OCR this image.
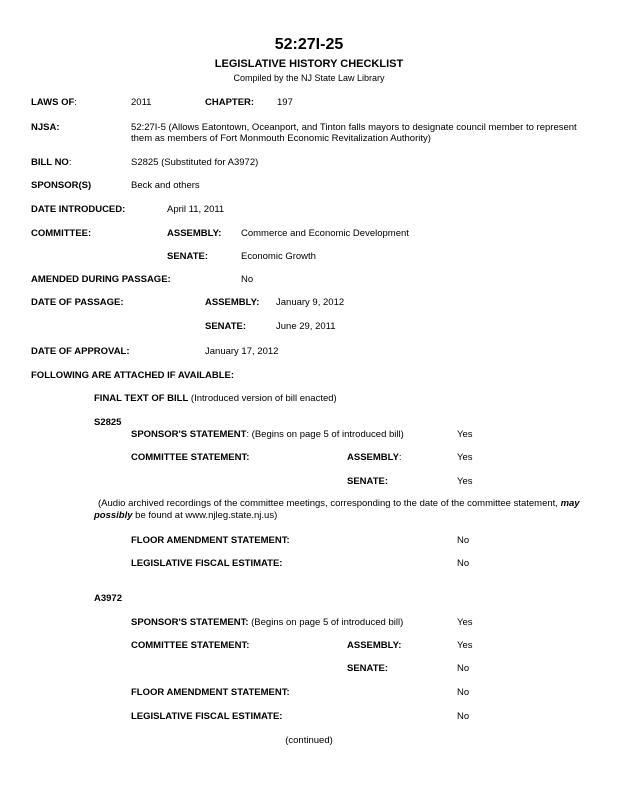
52:27I-25
LEGISLATIVE HISTORY CHECKLIST
Compiled by the NJ State Law Library
LAWS OF:	2011	CHAPTER: 197
NJSA:	52:27I-5 (Allows Eatontown, Oceanport, and Tinton falls mayors to designate council member to represent
them as members of Fort Monmouth Economic Revitalization Authority)
BILL NO:	S2825 (Substituted for A3972)
SPONSOR(S)	Beck and others
DATE INTRODUCED:	April 11, 2011
COMMITTEE:	ASSEMBLY: Commerce and Economic Development
SENATE:	Economic Growth
AMENDED DURING PASSAGE:	No
DATE OF PASSAGE:	ASSEMBLY: January 9, 2012
SENATE:	June 29, 2011
DATE OF APPROVAL:	January 17, 2012
FOLLOWING ARE ATTACHED IF AVAILABLE:
FINAL TEXT OF BILL (Introduced version of bill enacted)
S2825
SPONSOR'S STATEMENT: (Begins on page 5 of introduced bill)	Yes
COMMITTEE STATEMENT:	ASSEMBLY:	Yes
SENATE:	Yes
(Audio archived recordings of the committee meetings, corresponding to the date of the committee statement, may
possibly be found at www.njleg.state.nj.us)
FLOOR AMENDMENT STATEMENT:	No
LEGISLATIVE FISCAL ESTIMATE:	No
A3972
SPONSOR'S STATEMENT: (Begins on page 5 of introduced bill)	Yes
COMMITTEE STATEMENT:	ASSEMBLY:	Yes
SENATE:	No
FLOOR AMENDMENT STATEMENT:	No
LEGISLATIVE FISCAL ESTIMATE:	No
(continued)
